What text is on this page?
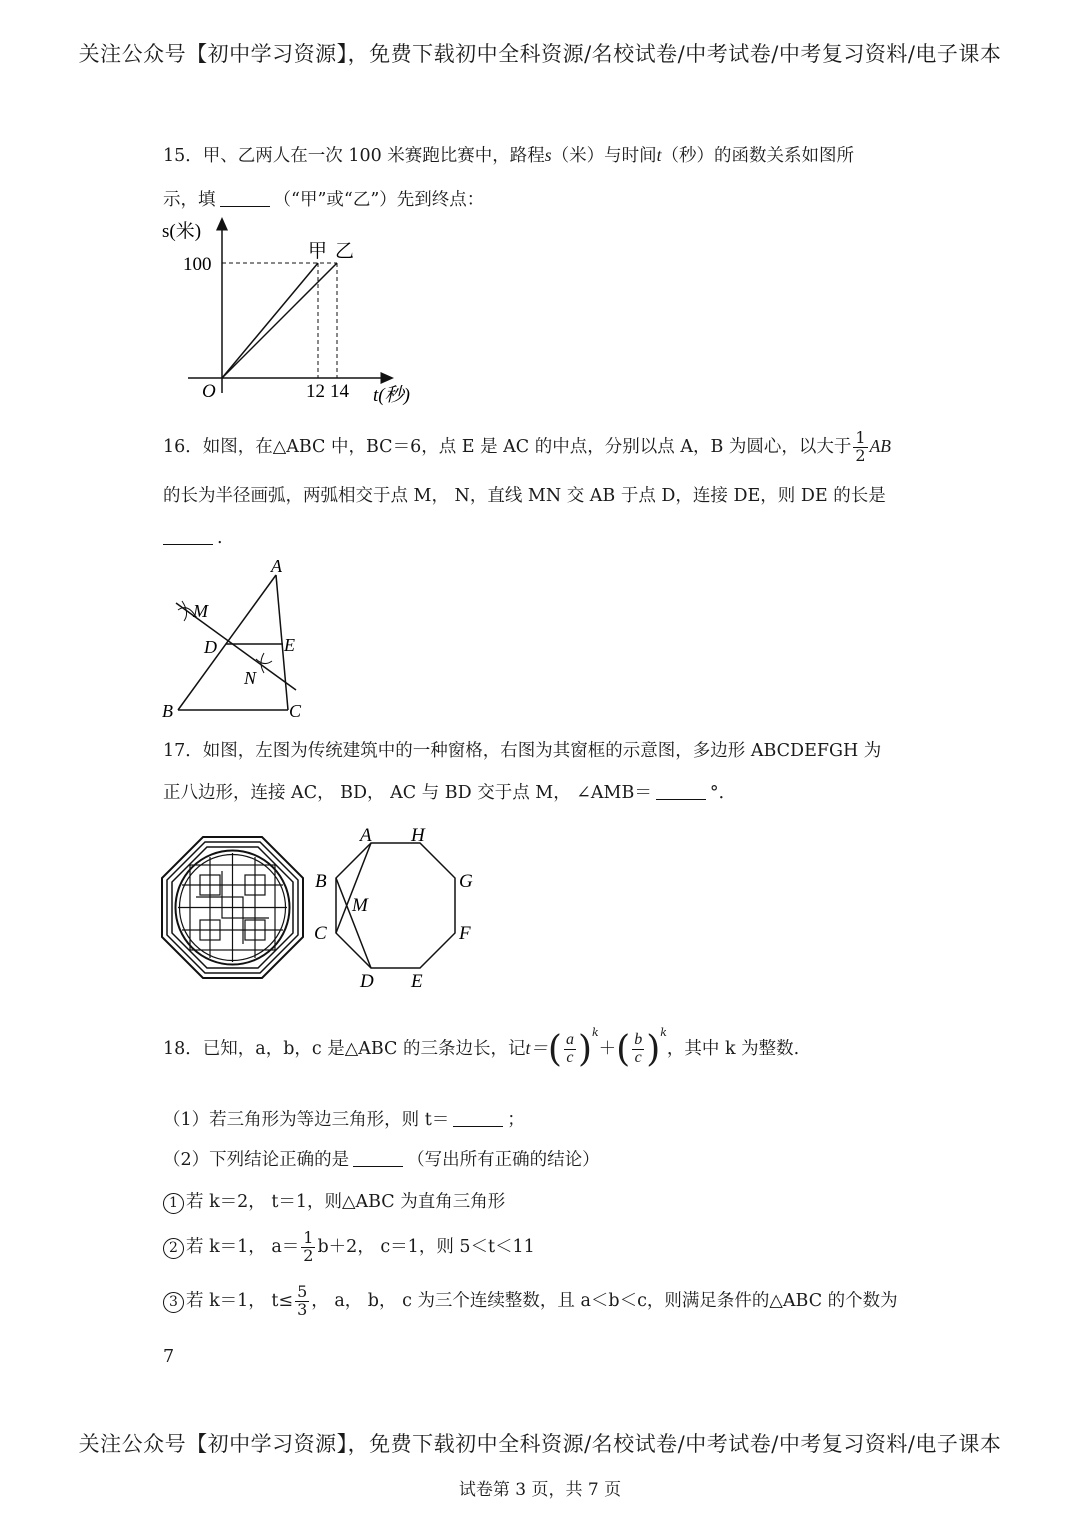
关注公众号【初中学习资源】，免费下载初中全科资源/名校试卷/中考试卷/中考复习资料/电子课本
关注公众号【初中学习资源】，免费下载初中全科资源/名校试卷/中考试卷/中考复习资料/电子课本
试卷第 3 页，共 7 页
15．甲、乙两人在一次 100 米赛跑比赛中，路程s（米）与时间t（秒）的函数关系如图所
示，填	（“甲”或“乙”）先到终点：
s(米)
100
O	12 14 t(秒)
甲 乙
16．如图，在△ABC 中，BC＝6，点 E 是 AC 的中点，分别以点 A，B 为圆心，以大于 $\frac{1}{2}$ AB
的长为半径画弧，两弧相交于点 M， N，直线 MN 交 AB 于点 D，连接 DE，则 DE 的长是
.
A
B	C
D	E
M
N
17．如图，左图为传统建筑中的一种窗格，右图为其窗框的示意图，多边形 ABCDEFGH 为
正八边形，连接 AC， BD， AC 与 BD 交于点 M， ∠AMB＝	°．
A H
G
F
E
D
C
B
M
18．已知，a，b，c 是△ABC 的三条边长，记$t=( \frac{a}{c} )^k+( \frac{b}{c} )^k$，其中 k 为整数.
（1）若三角形为等边三角形，则 t＝	；
（2）下列结论正确的是	（写出所有正确的结论）
1 若 k＝2， t＝1，则△ABC 为直角三角形
2 若 k＝1， $a= \frac{1}{2} b+2$， c＝1，则 5＜t＜11
3 若 k＝1， $t\le \frac{5}{3}$ ， a， b， c 为三个连续整数，且 a＜b＜c，则满足条件的△ABC 的个数为
7
